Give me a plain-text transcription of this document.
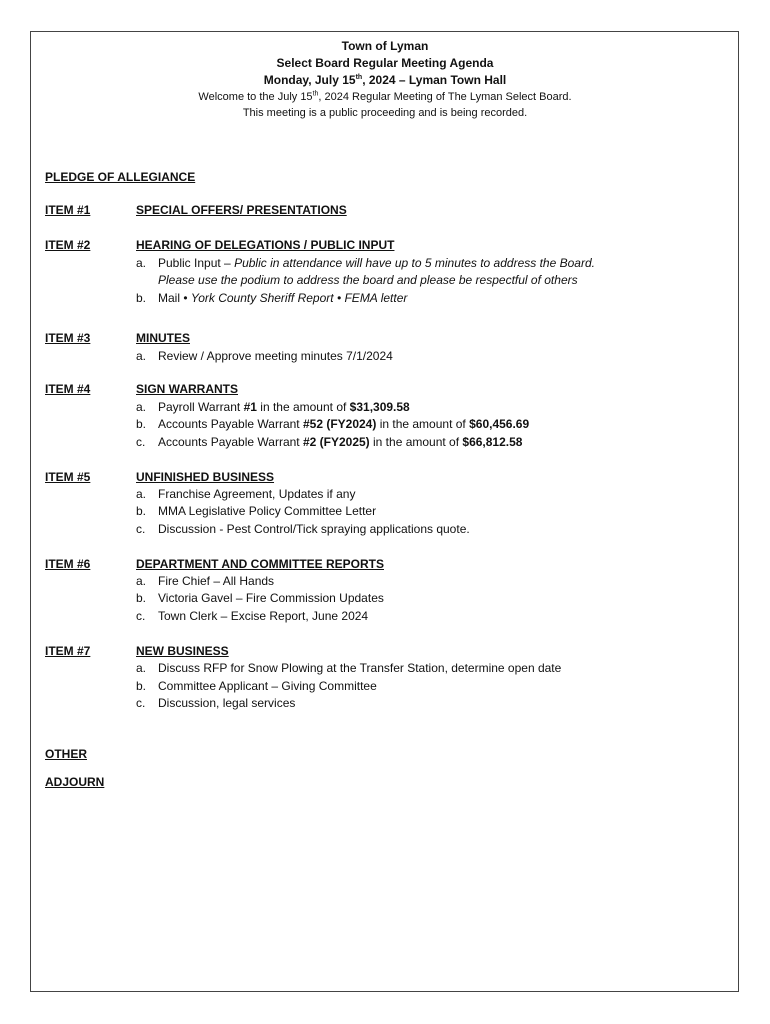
Town of Lyman
Select Board Regular Meeting Agenda
Monday, July 15th, 2024 – Lyman Town Hall
Welcome to the July 15th, 2024 Regular Meeting of The Lyman Select Board.
This meeting is a public proceeding and is being recorded.
PLEDGE OF ALLEGIANCE
ITEM #1	SPECIAL OFFERS/ PRESENTATIONS
ITEM #2	HEARING OF DELEGATIONS / PUBLIC INPUT
a. Public Input – Public in attendance will have up to 5 minutes to address the Board.
Please use the podium to address the board and please be respectful of others
b. Mail • York County Sheriff Report • FEMA letter
ITEM #3	MINUTES
a. Review / Approve meeting minutes 7/1/2024
ITEM #4	SIGN WARRANTS
a. Payroll Warrant #1 in the amount of $31,309.58
b. Accounts Payable Warrant #52 (FY2024) in the amount of $60,456.69
c. Accounts Payable Warrant #2 (FY2025) in the amount of $66,812.58
ITEM #5	UNFINISHED BUSINESS
a. Franchise Agreement, Updates if any
b. MMA Legislative Policy Committee Letter
c. Discussion - Pest Control/Tick spraying applications quote.
ITEM #6	DEPARTMENT AND COMMITTEE REPORTS
a. Fire Chief – All Hands
b. Victoria Gavel – Fire Commission Updates
c. Town Clerk – Excise Report, June 2024
ITEM #7	NEW BUSINESS
a. Discuss RFP for Snow Plowing at the Transfer Station, determine open date
b. Committee Applicant – Giving Committee
c. Discussion, legal services
OTHER
ADJOURN
